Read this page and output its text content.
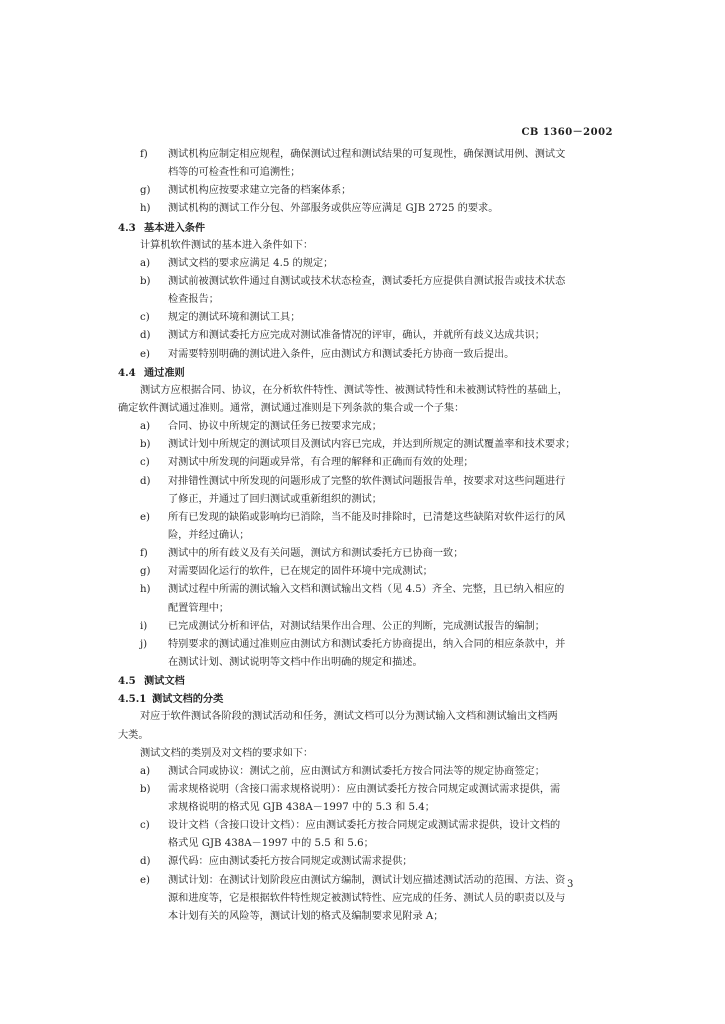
CB 1360－2002
f)	测试机构应制定相应规程，确保测试过程和测试结果的可复现性，确保测试用例、测试文
档等的可检查性和可追溯性；
g)	测试机构应按要求建立完备的档案体系；
h)	测试机构的测试工作分包、外部服务或供应等应满足 GJB 2725 的要求。
4.3 基本进入条件
计算机软件测试的基本进入条件如下：
a)	测试文档的要求应满足 4.5 的规定；
b)	测试前被测试软件通过自测试或技术状态检查，测试委托方应提供自测试报告或技术状态
检查报告；
c)	规定的测试环境和测试工具；
d)	测试方和测试委托方应完成对测试准备情况的评审，确认，并就所有歧义达成共识；
e)	对需要特别明确的测试进入条件，应由测试方和测试委托方协商一致后提出。
4.4 通过准则
测试方应根据合同、协议，在分析软件特性、测试等性、被测试特性和未被测试特性的基础上，
确定软件测试通过准则。通常，测试通过准则是下列条款的集合或一个子集：
a)	合同、协议中所规定的测试任务已按要求完成；
b)	测试计划中所规定的测试项目及测试内容已完成，并达到所规定的测试覆盖率和技术要求；
c)	对测试中所发现的问题或异常，有合理的解释和正确而有效的处理；
d)	对排错性测试中所发现的问题形成了完整的软件测试问题报告单，按要求对这些问题进行
了修正，并通过了回归测试或重新组织的测试；
e)	所有已发现的缺陷或影响均已消除，当不能及时排除时，已清楚这些缺陷对软件运行的风
险，并经过确认；
f)	测试中的所有歧义及有关问题，测试方和测试委托方已协商一致；
g)	对需要固化运行的软件，已在规定的固件环境中完成测试；
h)	测试过程中所需的测试输入文档和测试输出文档（见 4.5）齐全、完整，且已纳入相应的
配置管理中；
i)	已完成测试分析和评估，对测试结果作出合理、公正的判断，完成测试报告的编制；
j)	特别要求的测试通过准则应由测试方和测试委托方协商提出，纳入合同的相应条款中，并
在测试计划、测试说明等文档中作出明确的规定和描述。
4.5 测试文档
4.5.1 测试文档的分类
对应于软件测试各阶段的测试活动和任务，测试文档可以分为测试输入文档和测试输出文档两
大类。
测试文档的类别及对文档的要求如下：
a)	测试合同或协议：测试之前，应由测试方和测试委托方按合同法等的规定协商签定；
b)	需求规格说明（含接口需求规格说明）：应由测试委托方按合同规定或测试需求提供，需
求规格说明的格式见 GJB 438A－1997 中的 5.3 和 5.4；
c)	设计文档（含接口设计文档）：应由测试委托方按合同规定或测试需求提供，设计文档的
格式见 GJB 438A－1997 中的 5.5 和 5.6；
d)	源代码：应由测试委托方按合同规定或测试需求提供；
e)	测试计划：在测试计划阶段应由测试方编制，测试计划应描述测试活动的范围、方法、资
源和进度等，它是根据软件特性规定被测试特性、应完成的任务、测试人员的职责以及与
本计划有关的风险等，测试计划的格式及编制要求见附录 A；
3
